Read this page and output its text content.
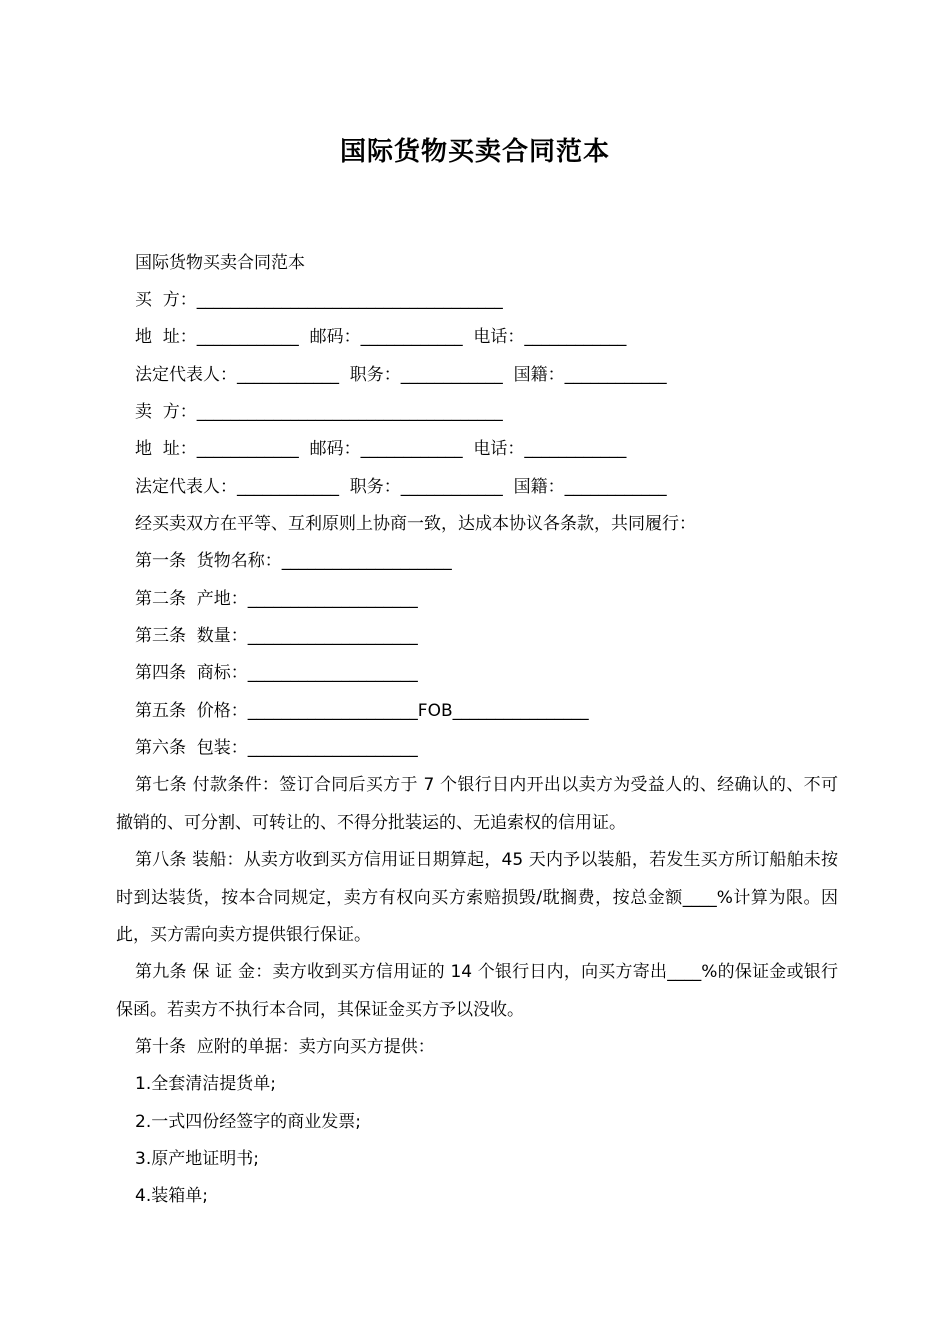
国际货物买卖合同范本
国际货物买卖合同范本
买  方：____________________________________
地  址：____________  邮码：____________  电话：____________
法定代表人：____________  职务：____________  国籍：____________
卖  方：____________________________________
地  址：____________  邮码：____________  电话：____________
法定代表人：____________  职务：____________  国籍：____________
经买卖双方在平等、互利原则上协商一致，达成本协议各条款，共同履行：
第一条  货物名称：____________________
第二条  产地：____________________
第三条  数量：____________________
第四条  商标：____________________
第五条  价格：____________________FOB________________
第六条  包装：____________________
第七条 付款条件：签订合同后买方于 7 个银行日内开出以卖方为受益人的、经确认的、不可撤销的、可分割、可转让的、不得分批装运的、无追索权的信用证。
第八条 装船：从卖方收到买方信用证日期算起，45 天内予以装船，若发生买方所订船舶未按时到达装货，按本合同规定，卖方有权向买方索赔损毁/耽搁费，按总金额____%计算为限。因此，买方需向卖方提供银行保证。
第九条 保 证 金：卖方收到买方信用证的 14 个银行日内，向买方寄出____%的保证金或银行保函。若卖方不执行本合同，其保证金买方予以没收。
第十条  应附的单据：卖方向买方提供：
1.全套清洁提货单;
2.一式四份经签字的商业发票;
3.原产地证明书;
4.装箱单;
